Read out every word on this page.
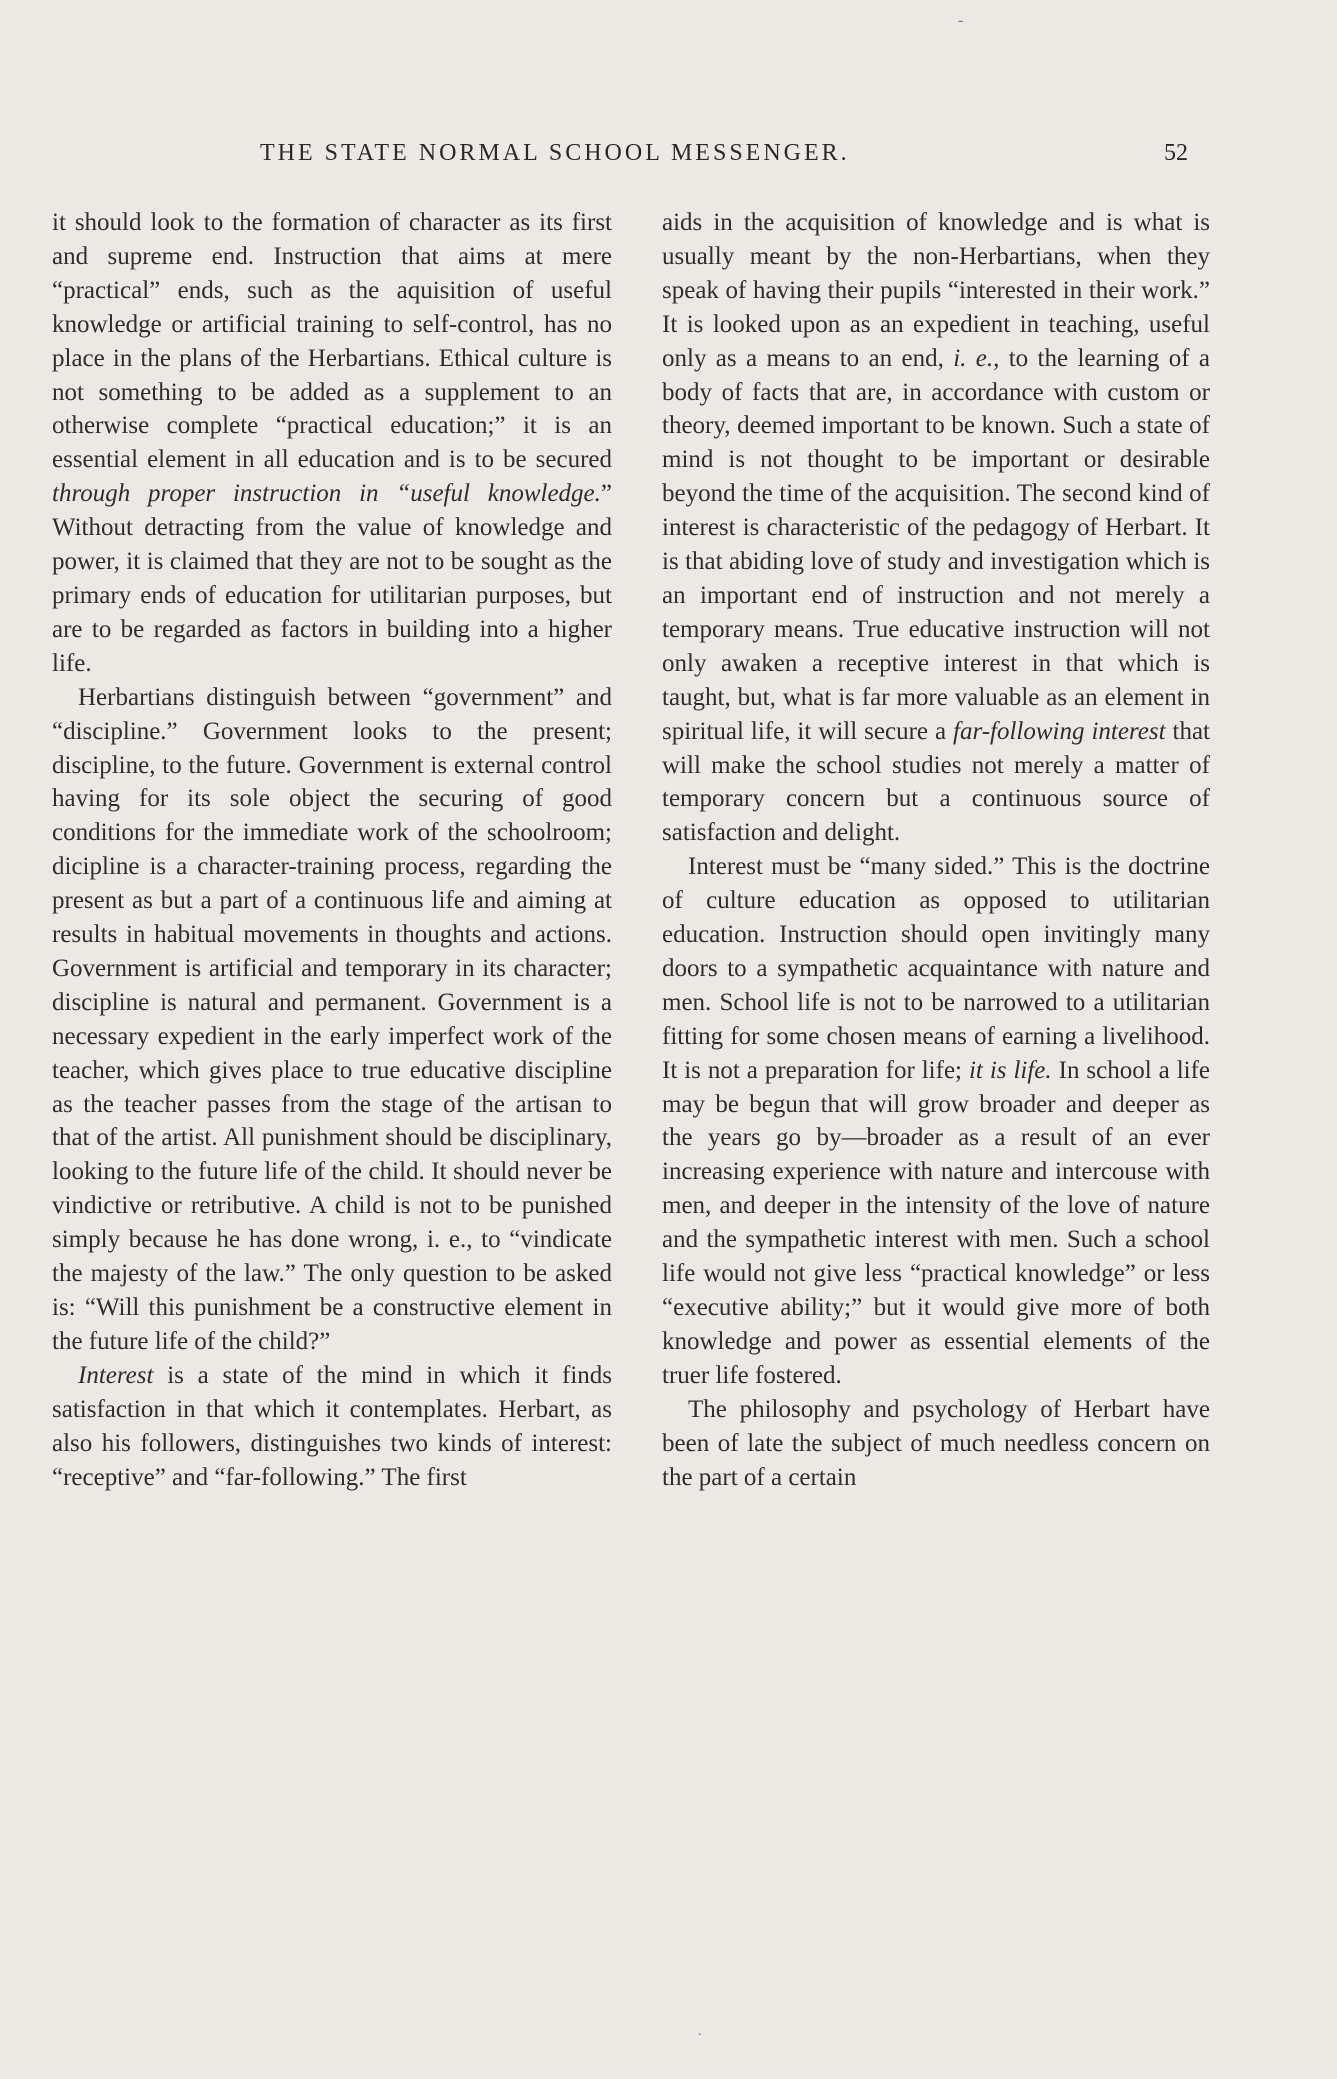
-
THE STATE NORMAL SCHOOL MESSENGER.	52

it should look to the formation of character as its first and supreme end. Instruction that aims at mere “practical” ends, such as the aquisition of useful knowledge or artificial training to self-control, has no place in the plans of the Herbartians. Ethical culture is not something to be added as a supplement to an otherwise complete “practical education;” it is an essential element in all education and is to be secured through proper instruction in “useful knowledge.” Without detracting from the value of knowledge and power, it is claimed that they are not to be sought as the primary ends of education for utilitarian purposes, but are to be regarded as factors in building into a higher life.

Herbartians distinguish between “government” and “discipline.” Government looks to the present; discipline, to the future. Government is external control having for its sole object the securing of good conditions for the immediate work of the schoolroom; dicipline is a character-training process, regarding the present as but a part of a continuous life and aiming at results in habitual movements in thoughts and actions. Government is artificial and temporary in its character; discipline is natural and permanent. Government is a necessary expedient in the early imperfect work of the teacher, which gives place to true educative discipline as the teacher passes from the stage of the artisan to that of the artist. All punishment should be disciplinary, looking to the future life of the child. It should never be vindictive or retributive. A child is not to be punished simply because he has done wrong, i. e., to “vindicate the majesty of the law.” The only question to be asked is: “Will this punishment be a constructive element in the future life of the child?”

Interest is a state of the mind in which it finds satisfaction in that which it contemplates. Herbart, as also his followers, distinguishes two kinds of interest: “receptive” and “far-following.” The first

aids in the acquisition of knowledge and is what is usually meant by the non-Herbartians, when they speak of having their pupils “interested in their work.” It is looked upon as an expedient in teaching, useful only as a means to an end, i. e., to the learning of a body of facts that are, in accordance with custom or theory, deemed important to be known. Such a state of mind is not thought to be important or desirable beyond the time of the acquisition. The second kind of interest is characteristic of the pedagogy of Herbart. It is that abiding love of study and investigation which is an important end of instruction and not merely a temporary means. True educative instruction will not only awaken a receptive interest in that which is taught, but, what is far more valuable as an element in spiritual life, it will secure a far-following interest that will make the school studies not merely a matter of temporary concern but a continuous source of satisfaction and delight.

Interest must be “many sided.” This is the doctrine of culture education as opposed to utilitarian education. Instruction should open invitingly many doors to a sympathetic acquaintance with nature and men. School life is not to be narrowed to a utilitarian fitting for some chosen means of earning a livelihood. It is not a preparation for life; it is life. In school a life may be begun that will grow broader and deeper as the years go by—broader as a result of an ever increasing experience with nature and intercouse with men, and deeper in the intensity of the love of nature and the sympathetic interest with men. Such a school life would not give less “practical knowledge” or less “executive ability;” but it would give more of both knowledge and power as essential elements of the truer life fostered.

The philosophy and psychology of Herbart have been of late the subject of much needless concern on the part of a certain

.
